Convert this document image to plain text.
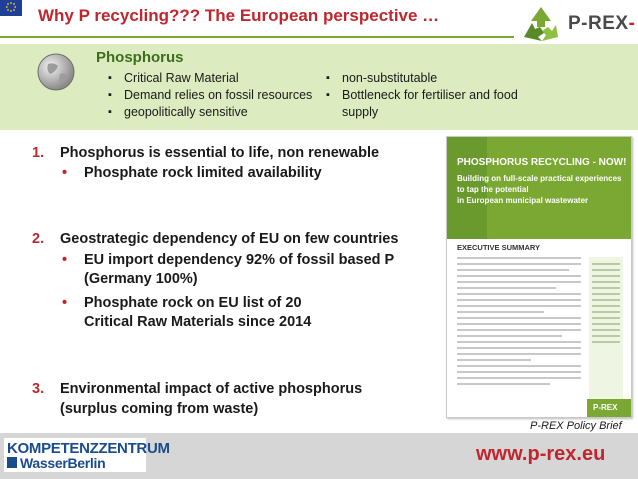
Why P recycling??? The European perspective …	P-REX-
Phosphorus
▪ Critical Raw Material
▪ Demand relies on fossil resources
▪ geopolitically sensitive
▪ non-substitutable
▪ Bottleneck for fertiliser and food supply
1. Phosphorus is essential to life, non renewable
•	Phosphate rock limited availability
2. Geostrategic dependency of EU on few countries
•	EU import dependency 92% of fossil based P
(Germany 100%)
•	Phosphate rock on EU list of 20
Critical Raw Materials since 2014
3. Environmental impact of active phosphorus
(surplus coming from waste)
PHOSPHORUS RECYCLING - NOW!
Building on full-scale practical experiences
to tap the potential
in European municipal wastewater
EXECUTIVE SUMMARY
P-REX
P-REX Policy Brief
KOMPETENZZENTRUM
WasserBerlin	www.p-rex.eu
